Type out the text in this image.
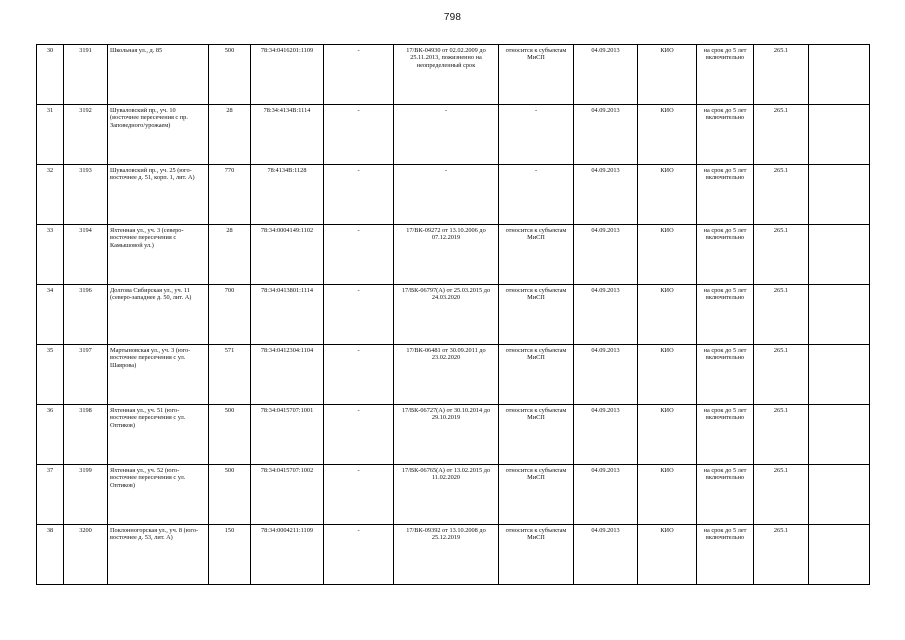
798
30	3191	Школьная ул., д. 85	500	78:34:0416201:1109	-	17/ВК-04930 от 02.02.2009 до 25.11.2013, пожизненно на неопределенный срок	относится к субъектам МиСП	04.09.2013	КИО	на срок до 5 лет включительно	265.1	
31	3192	Шуваловский пр., уч. 10 (восточнее пересечения с пр. Заповедного/урожаем)	28	78:34:4134В:1114	-	-	-	04.09.2013	КИО	на срок до 5 лет включительно	265.1	
32	3193	Шуваловский пр., уч. 25 (юго-восточнее д. 51, корп. 1, лит. А)	770	78:4134В:1128	-	-	-	04.09.2013	КИО	на срок до 5 лет включительно	265.1	
33	3194	Яхтенная ул., уч. 3 (северо-восточнее пересечения с Камышовой ул.)	28	78:34:0004149:1102	-	17/ВК-09272 от 13.10.2006 до 07.12.2019	относится к субъектам МиСП	04.09.2013	КИО	на срок до 5 лет включительно	265.1	
34	3196	Долгова Сибирская ул., уч. 11 (северо-западнее д. 50, лит. А)	700	78:34:0413801:1114	-	17/ВК-06797(А) от 25.03.2015 до 24.03.2020	относится к субъектам МиСП	04.09.2013	КИО	на срок до 5 лет включительно	265.1	
35	3197	Мартыновская ул., уч. 3 (юго-восточнее пересечения с ул. Шаврова)	571	78:34:0412304:1104	-	17/ВК-06481 от 30.09.2011 до 23.02.2020	относится к субъектам МиСП	04.09.2013	КИО	на срок до 5 лет включительно	265.1	
36	3198	Яхтенная ул., уч. 51 (юго-восточнее пересечения с ул. Оптиков)	500	78:34:0415707:1001	-	17/ВК-06727(А) от 30.10.2014 до 29.10.2019	относится к субъектам МиСП	04.09.2013	КИО	на срок до 5 лет включительно	265.1	
37	3199	Яхтенная ул., уч. 52 (юго-восточнее пересечения с ул. Оптиков)	500	78:34:0415707:1002	-	17/ВК-06765(А) от 13.02.2015 до 11.02.2020	относится к субъектам МиСП	04.09.2013	КИО	на срок до 5 лет включительно	265.1	
38	3200	Поклонногорская ул., уч. 8 (юго-восточнее д. 53, лит. А)	150	78:34:0004211:1109	-	17/ВК-09392 от 13.10.2008 до 25.12.2019	относится к субъектам МиСП	04.09.2013	КИО	на срок до 5 лет включительно	265.1	
